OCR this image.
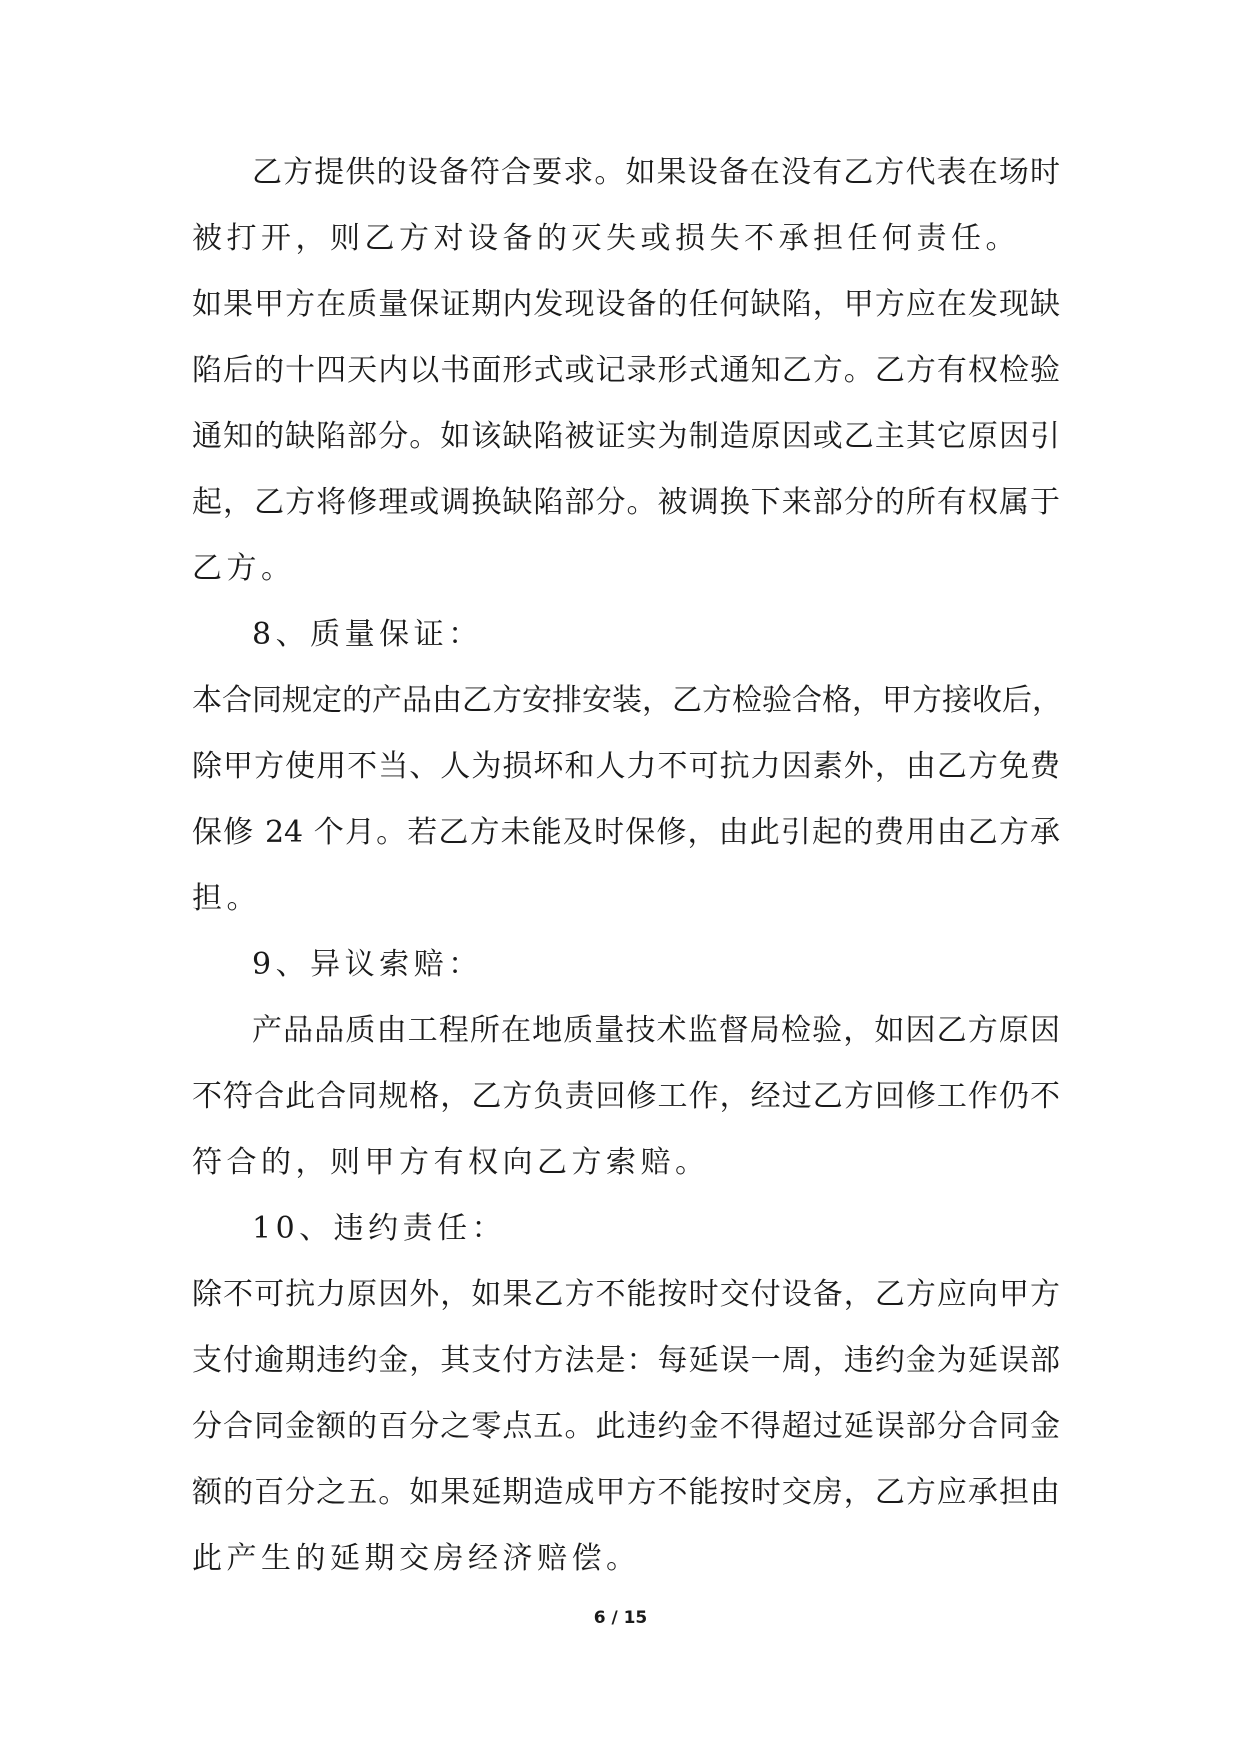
乙方提供的设备符合要求。如果设备在没有乙方代表在场时
被打开，则乙方对设备的灭失或损失不承担任何责任。
如果甲方在质量保证期内发现设备的任何缺陷，甲方应在发现缺
陷后的十四天内以书面形式或记录形式通知乙方。乙方有权检验
通知的缺陷部分。如该缺陷被证实为制造原因或乙主其它原因引
起，乙方将修理或调换缺陷部分。被调换下来部分的所有权属于
乙方。
8、质量保证：
本合同规定的产品由乙方安排安装，乙方检验合格，甲方接收后，
除甲方使用不当、人为损坏和人力不可抗力因素外，由乙方免费
保修 24 个月。若乙方未能及时保修，由此引起的费用由乙方承
担。
9、异议索赔：
产品品质由工程所在地质量技术监督局检验，如因乙方原因
不符合此合同规格，乙方负责回修工作，经过乙方回修工作仍不
符合的，则甲方有权向乙方索赔。
10、违约责任：
除不可抗力原因外，如果乙方不能按时交付设备，乙方应向甲方
支付逾期违约金，其支付方法是：每延误一周，违约金为延误部
分合同金额的百分之零点五。此违约金不得超过延误部分合同金
额的百分之五。如果延期造成甲方不能按时交房，乙方应承担由
此产生的延期交房经济赔偿。
6 / 15
